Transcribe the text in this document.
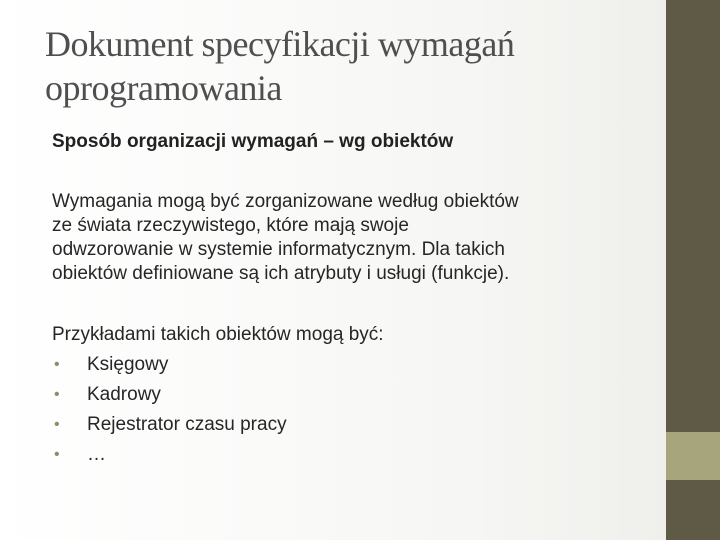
Dokument specyfikacji wymagań oprogramowania

Sposób organizacji wymagań – wg obiektów

Wymagania mogą być zorganizowane według obiektów
ze świata rzeczywistego, które mają swoje
odwzorowanie w systemie informatycznym. Dla takich
obiektów definiowane są ich atrybuty i usługi (funkcje).

Przykładami takich obiektów mogą być:

• Księgowy
• Kadrowy
• Rejestrator czasu pracy
• …
